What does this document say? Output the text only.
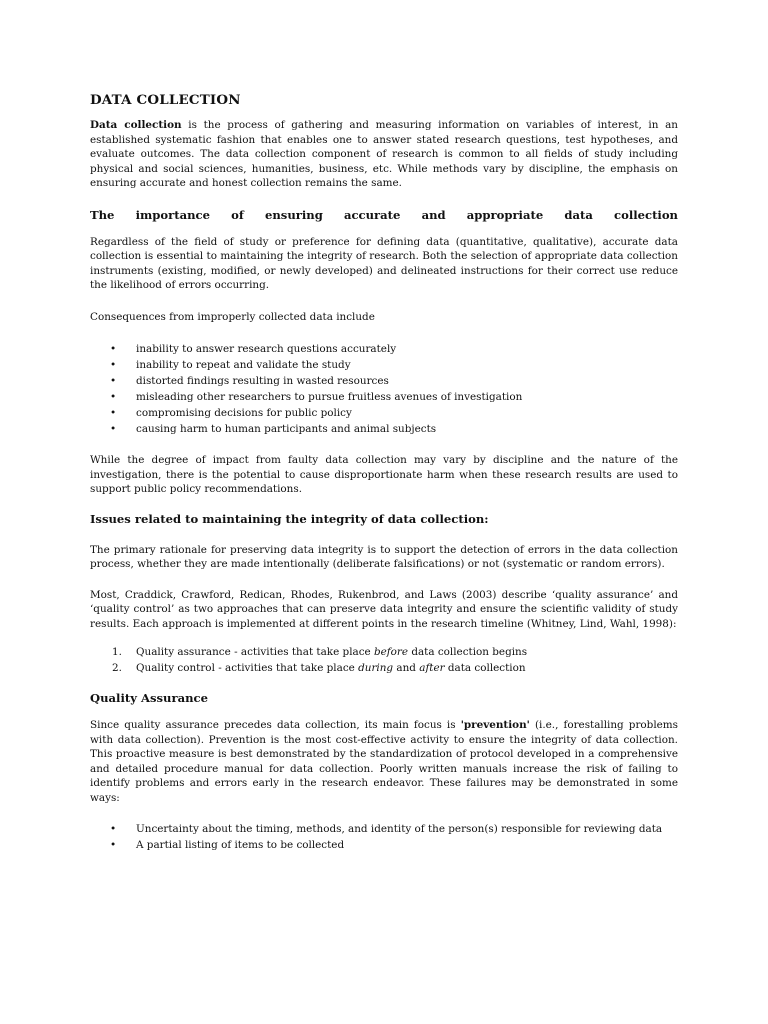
DATA COLLECTION

Data collection is the process of gathering and measuring information on variables of interest, in an established systematic fashion that enables one to answer stated research questions, test hypotheses, and evaluate outcomes. The data collection component of research is common to all fields of study including physical and social sciences, humanities, business, etc. While methods vary by discipline, the emphasis on ensuring accurate and honest collection remains the same.

The importance of ensuring accurate and appropriate data collection

Regardless of the field of study or preference for defining data (quantitative, qualitative), accurate data collection is essential to maintaining the integrity of research. Both the selection of appropriate data collection instruments (existing, modified, or newly developed) and delineated instructions for their correct use reduce the likelihood of errors occurring.

Consequences from improperly collected data include

• inability to answer research questions accurately
• inability to repeat and validate the study
• distorted findings resulting in wasted resources
• misleading other researchers to pursue fruitless avenues of investigation
• compromising decisions for public policy
• causing harm to human participants and animal subjects

While the degree of impact from faulty data collection may vary by discipline and the nature of the investigation, there is the potential to cause disproportionate harm when these research results are used to support public policy recommendations.

Issues related to maintaining the integrity of data collection:

The primary rationale for preserving data integrity is to support the detection of errors in the data collection process, whether they are made intentionally (deliberate falsifications) or not (systematic or random errors).

Most, Craddick, Crawford, Redican, Rhodes, Rukenbrod, and Laws (2003) describe ‘quality assurance’ and ‘quality control’ as two approaches that can preserve data integrity and ensure the scientific validity of study results. Each approach is implemented at different points in the research timeline (Whitney, Lind, Wahl, 1998):

1. Quality assurance - activities that take place before data collection begins
2. Quality control - activities that take place during and after data collection
Quality Assurance

Since quality assurance precedes data collection, its main focus is 'prevention' (i.e., forestalling problems with data collection). Prevention is the most cost-effective activity to ensure the integrity of data collection. This proactive measure is best demonstrated by the standardization of protocol developed in a comprehensive and detailed procedure manual for data collection. Poorly written manuals increase the risk of failing to identify problems and errors early in the research endeavor. These failures may be demonstrated in some ways:

• Uncertainty about the timing, methods, and identity of the person(s) responsible for reviewing data
• A partial listing of items to be collected
